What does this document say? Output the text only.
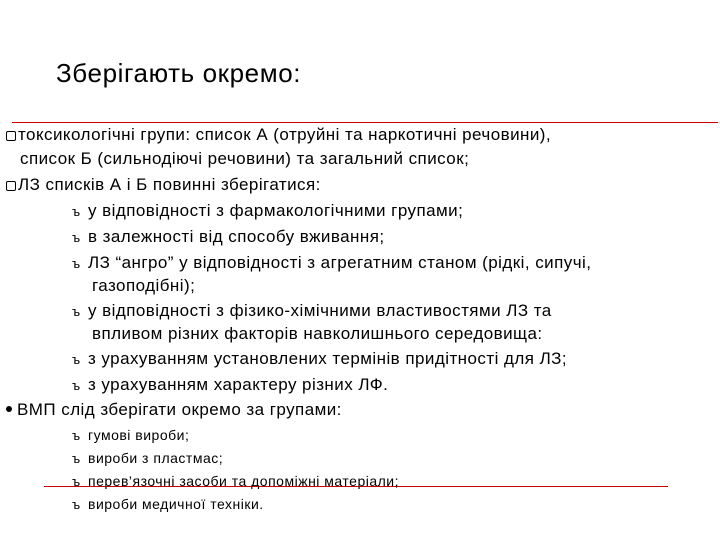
Зберігають окремо:
токсикологічні групи: список А (отруйні та наркотичні речовини),
список Б (сильнодіючі речовини) та загальний список;
ЛЗ списків А і Б повинні зберігатися:
ъ у відповідності з фармакологічними групами;
ъ в залежності від способу вживання;
ъ ЛЗ “ангро” у відповідності з агрегатним станом (рідкі, сипучі,
газоподібні);
ъ у відповідності з фізико-хімічними властивостями ЛЗ та
впливом різних факторів навколишнього середовища:
ъ з урахуванням установлених термінів придітності для ЛЗ;
ъ з урахуванням характеру різних ЛФ.
ВМП слід зберігати окремо за групами:
ъ гумові вироби;
ъ вироби з пластмас;
ъ перев’язочні засоби та допоміжні матеріали;
ъ вироби медичної техніки.
